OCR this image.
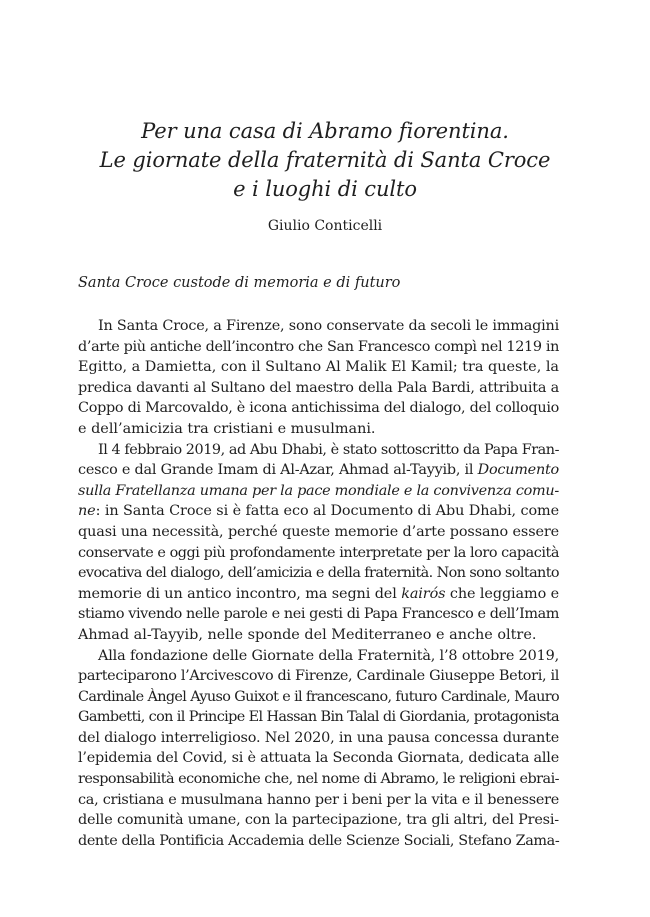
Per una casa di Abramo fiorentina.
Le giornate della fraternità di Santa Croce
e i luoghi di culto
Giulio Conticelli
Santa Croce custode di memoria e di futuro
In Santa Croce, a Firenze, sono conservate da secoli le immagini
d’arte più antiche dell’incontro che San Francesco compì nel 1219 in
Egitto, a Damietta, con il Sultano Al Malik El Kamil; tra queste, la
predica davanti al Sultano del maestro della Pala Bardi, attribuita a
Coppo di Marcovaldo, è icona antichissima del dialogo, del colloquio
e dell’amicizia tra cristiani e musulmani.
Il 4 febbraio 2019, ad Abu Dhabi, è stato sottoscritto da Papa Fran-
cesco e dal Grande Imam di Al-Azar, Ahmad al-Tayyib, il Documento
sulla Fratellanza umana per la pace mondiale e la convivenza comu-
ne: in Santa Croce si è fatta eco al Documento di Abu Dhabi, come
quasi una necessità, perché queste memorie d’arte possano essere
conservate e oggi più profondamente interpretate per la loro capacità
evocativa del dialogo, dell’amicizia e della fraternità. Non sono soltanto
memorie di un antico incontro, ma segni del kairós che leggiamo e
stiamo vivendo nelle parole e nei gesti di Papa Francesco e dell’Imam
Ahmad al-Tayyib, nelle sponde del Mediterraneo e anche oltre.
Alla fondazione delle Giornate della Fraternità, l’8 ottobre 2019,
parteciparono l’Arcivescovo di Firenze, Cardinale Giuseppe Betori, il
Cardinale Àngel Ayuso Guixot e il francescano, futuro Cardinale, Mauro
Gambetti, con il Principe El Hassan Bin Talal di Giordania, protagonista
del dialogo interreligioso. Nel 2020, in una pausa concessa durante
l’epidemia del Covid, si è attuata la Seconda Giornata, dedicata alle
responsabilità economiche che, nel nome di Abramo, le religioni ebrai-
ca, cristiana e musulmana hanno per i beni per la vita e il benessere
delle comunità umane, con la partecipazione, tra gli altri, del Presi-
dente della Pontificia Accademia delle Scienze Sociali, Stefano Zama-
